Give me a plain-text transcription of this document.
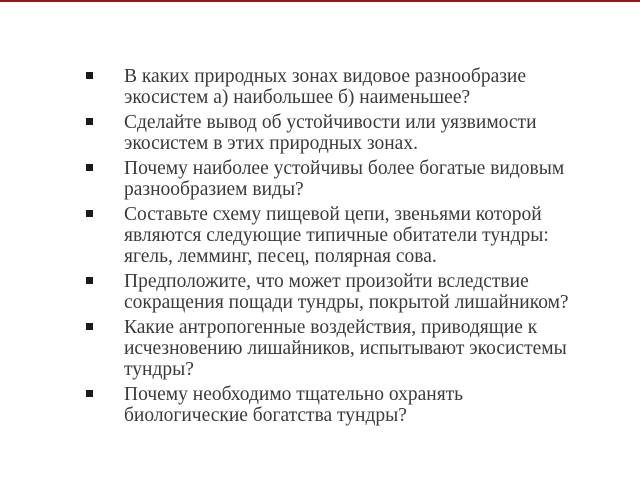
В каких природных зонах видовое разнообразие
экосистем а) наибольшее б) наименьшее?
Сделайте вывод об устойчивости или уязвимости
экосистем в этих природных зонах.
Почему наиболее устойчивы более богатые видовым
разнообразием виды?
Составьте схему пищевой цепи, звеньями которой
являются следующие типичные обитатели тундры:
ягель, лемминг, песец, полярная сова.
Предположите, что может произойти вследствие
сокращения пощади тундры, покрытой лишайником?
Какие антропогенные воздействия, приводящие к
исчезновению лишайников, испытывают экосистемы
тундры?
Почему необходимо тщательно охранять
биологические богатства тундры?
